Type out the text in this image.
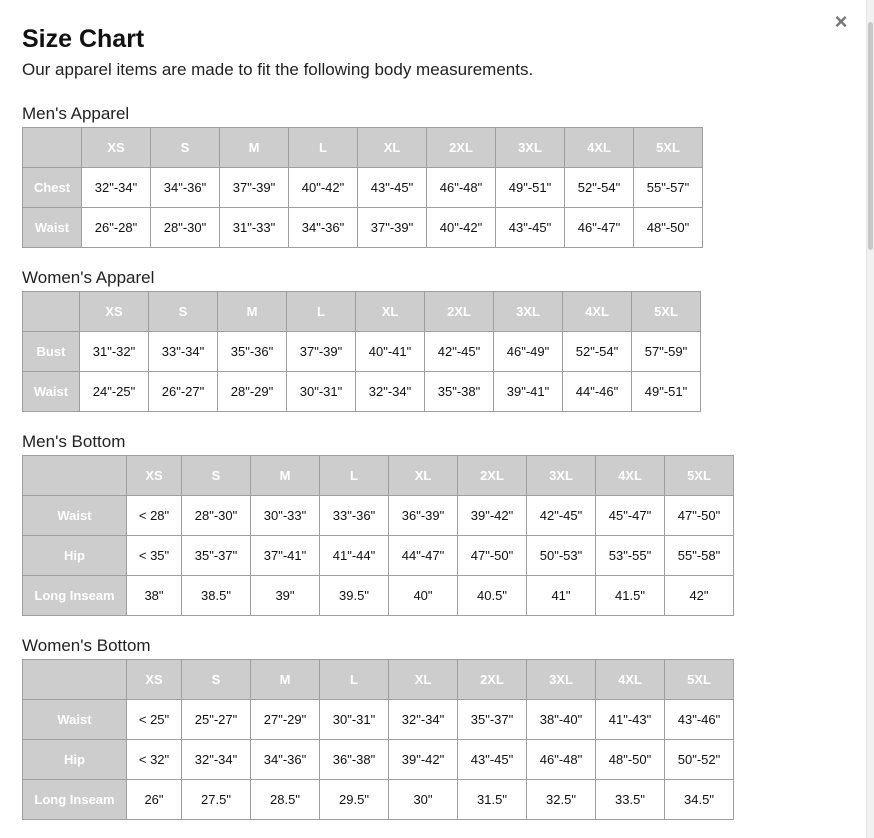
×
Size Chart

Our apparel items are made to fit the following body measurements.

Men's Apparel
	XS	S	M	L	XL	2XL	3XL	4XL	5XL
Chest	32"-34"	34"-36"	37"-39"	40"-42"	43"-45"	46"-48"	49"-51"	52"-54"	55"-57"
Waist	26"-28"	28"-30"	31"-33"	34"-36"	37"-39"	40"-42"	43"-45"	46"-47"	48"-50"
Women's Apparel
	XS	S	M	L	XL	2XL	3XL	4XL	5XL
Bust	31"-32"	33"-34"	35"-36"	37"-39"	40"-41"	42"-45"	46"-49"	52"-54"	57"-59"
Waist	24"-25"	26"-27"	28"-29"	30"-31"	32"-34"	35"-38"	39"-41"	44"-46"	49"-51"
Men's Bottom
	XS	S	M	L	XL	2XL	3XL	4XL	5XL
Waist	< 28"	28"-30"	30"-33"	33"-36"	36"-39"	39"-42"	42"-45"	45"-47"	47"-50"
Hip	< 35"	35"-37"	37"-41"	41"-44"	44"-47"	47"-50"	50"-53"	53"-55"	55"-58"
Long Inseam	38"	38.5"	39"	39.5"	40"	40.5"	41"	41.5"	42"
Women's Bottom
	XS	S	M	L	XL	2XL	3XL	4XL	5XL
Waist	< 25"	25"-27"	27"-29"	30"-31"	32"-34"	35"-37"	38"-40"	41"-43"	43"-46"
Hip	< 32"	32"-34"	34"-36"	36"-38"	39"-42"	43"-45"	46"-48"	48"-50"	50"-52"
Long Inseam	26"	27.5"	28.5"	29.5"	30"	31.5"	32.5"	33.5"	34.5"
